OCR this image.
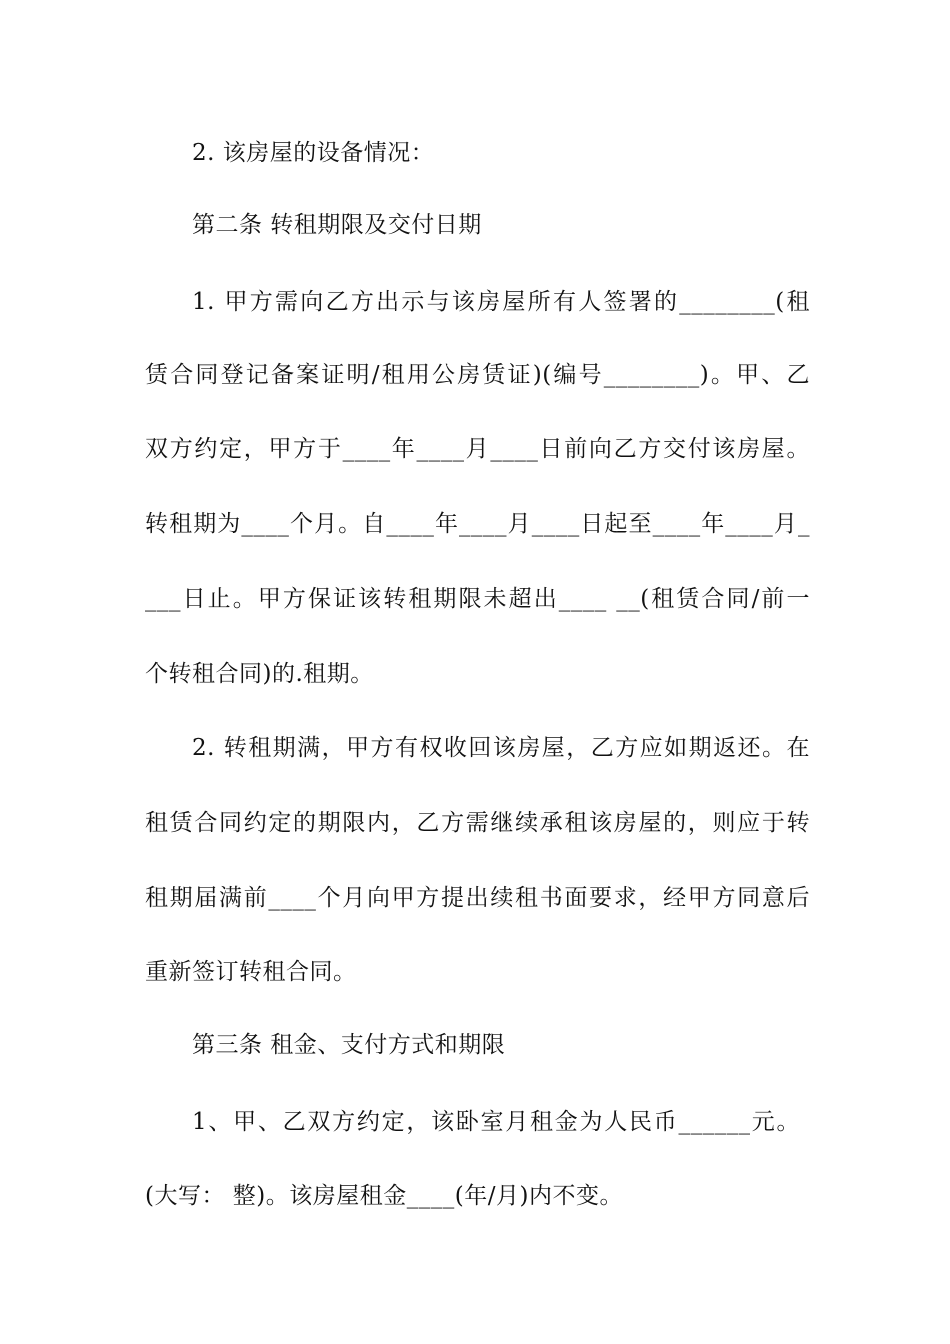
2. 该房屋的设备情况：
第二条 转租期限及交付日期
1. 甲方需向乙方出示与该房屋所有人签署的________(租
赁合同登记备案证明/租用公房赁证)(编号________)。甲、乙
双方约定，甲方于____年____月____日前向乙方交付该房屋。
转租期为____个月。自____年____月____日起至____年____月_
___日止。甲方保证该转租期限未超出____ __(租赁合同/前一
个转租合同)的.租期。
2. 转租期满，甲方有权收回该房屋，乙方应如期返还。在
租赁合同约定的期限内，乙方需继续承租该房屋的，则应于转
租期届满前____个月向甲方提出续租书面要求，经甲方同意后
重新签订转租合同。
第三条 租金、支付方式和期限
1、甲、乙双方约定，该卧室月租金为人民币______元。
(大写： 整)。该房屋租金____(年/月)内不变。
